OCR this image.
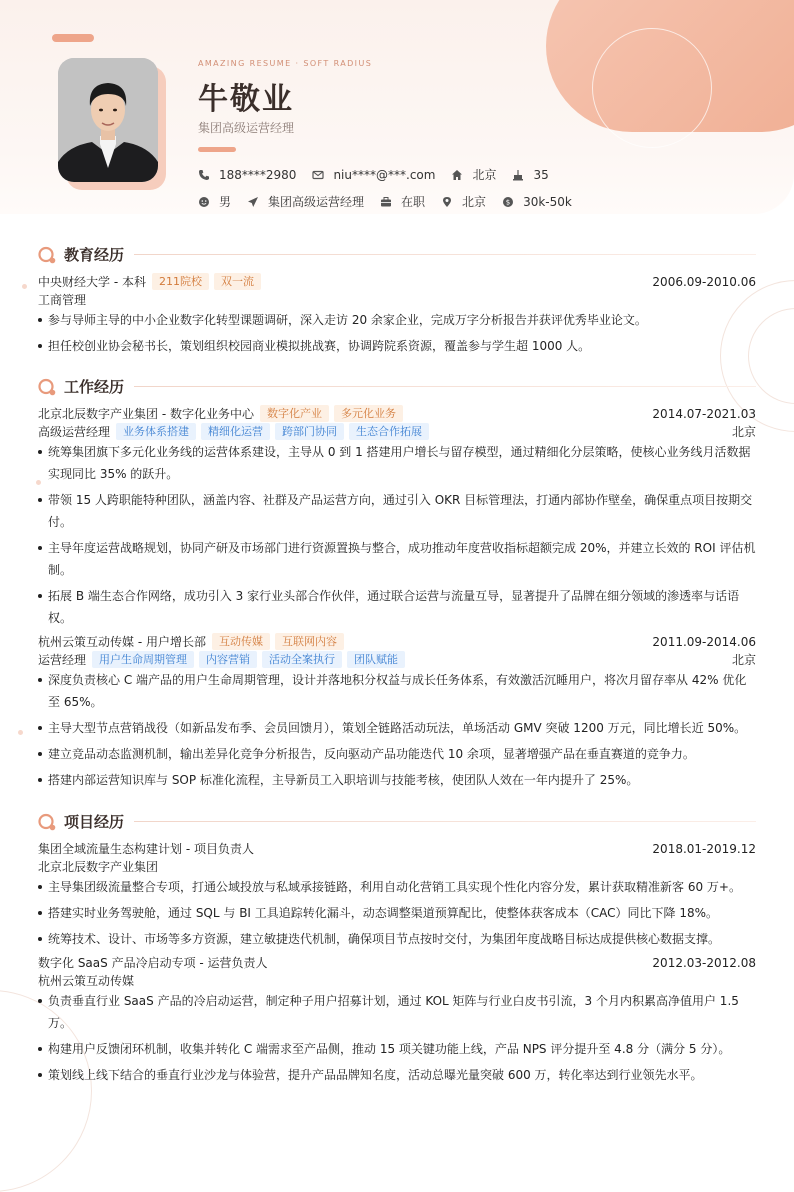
AMAZING RESUME · SOFT RADIUS
牛敬业
集团高级运营经理
188****2980	niu****@***.com	北京	35
男	集团高级运营经理	在职	北京	$ 30k-50k
教育经历
中央财经大学 - 本科	211院校	双一流	2006.09-2010.06
工商管理
参与导师主导的中小企业数字化转型课题调研，深入走访 20 余家企业，完成万字分析报告并获评优秀毕业论文。
担任校创业协会秘书长，策划组织校园商业模拟挑战赛，协调跨院系资源，覆盖参与学生超 1000 人。
工作经历
北京北辰数字产业集团 - 数字化业务中心	数字化产业	多元化业务	2014.07-2021.03
高级运营经理	业务体系搭建	精细化运营	跨部门协同	生态合作拓展	北京
统筹集团旗下多元化业务线的运营体系建设，主导从 0 到 1 搭建用户增长与留存模型，通过精细化分层策略，使核心业务线月活数据实现同比 35% 的跃升。
带领 15 人跨职能特种团队，涵盖内容、社群及产品运营方向，通过引入 OKR 目标管理法，打通内部协作壁垒，确保重点项目按期交付。
主导年度运营战略规划，协同产研及市场部门进行资源置换与整合，成功推动年度营收指标超额完成 20%，并建立长效的 ROI 评估机制。
拓展 B 端生态合作网络，成功引入 3 家行业头部合作伙伴，通过联合运营与流量互导，显著提升了品牌在细分领域的渗透率与话语权。
杭州云策互动传媒 - 用户增长部	互动传媒	互联网内容	2011.09-2014.06
运营经理	用户生命周期管理	内容营销	活动全案执行	团队赋能	北京
深度负责核心 C 端产品的用户生命周期管理，设计并落地积分权益与成长任务体系，有效激活沉睡用户，将次月留存率从 42% 优化至 65%。
主导大型节点营销战役（如新品发布季、会员回馈月），策划全链路活动玩法，单场活动 GMV 突破 1200 万元，同比增长近 50%。
建立竞品动态监测机制，输出差异化竞争分析报告，反向驱动产品功能迭代 10 余项，显著增强产品在垂直赛道的竞争力。
搭建内部运营知识库与 SOP 标准化流程，主导新员工入职培训与技能考核，使团队人效在一年内提升了 25%。
项目经历
集团全域流量生态构建计划 - 项目负责人	2018.01-2019.12
北京北辰数字产业集团
主导集团级流量整合专项，打通公域投放与私域承接链路，利用自动化营销工具实现个性化内容分发，累计获取精准新客 60 万+。
搭建实时业务驾驶舱，通过 SQL 与 BI 工具追踪转化漏斗，动态调整渠道预算配比，使整体获客成本（CAC）同比下降 18%。
统筹技术、设计、市场等多方资源，建立敏捷迭代机制，确保项目节点按时交付，为集团年度战略目标达成提供核心数据支撑。
数字化 SaaS 产品冷启动专项 - 运营负责人	2012.03-2012.08
杭州云策互动传媒
负责垂直行业 SaaS 产品的冷启动运营，制定种子用户招募计划，通过 KOL 矩阵与行业白皮书引流，3 个月内积累高净值用户 1.5 万。
构建用户反馈闭环机制，收集并转化 C 端需求至产品侧，推动 15 项关键功能上线，产品 NPS 评分提升至 4.8 分（满分 5 分）。
策划线上线下结合的垂直行业沙龙与体验营，提升产品品牌知名度，活动总曝光量突破 600 万，转化率达到行业领先水平。
